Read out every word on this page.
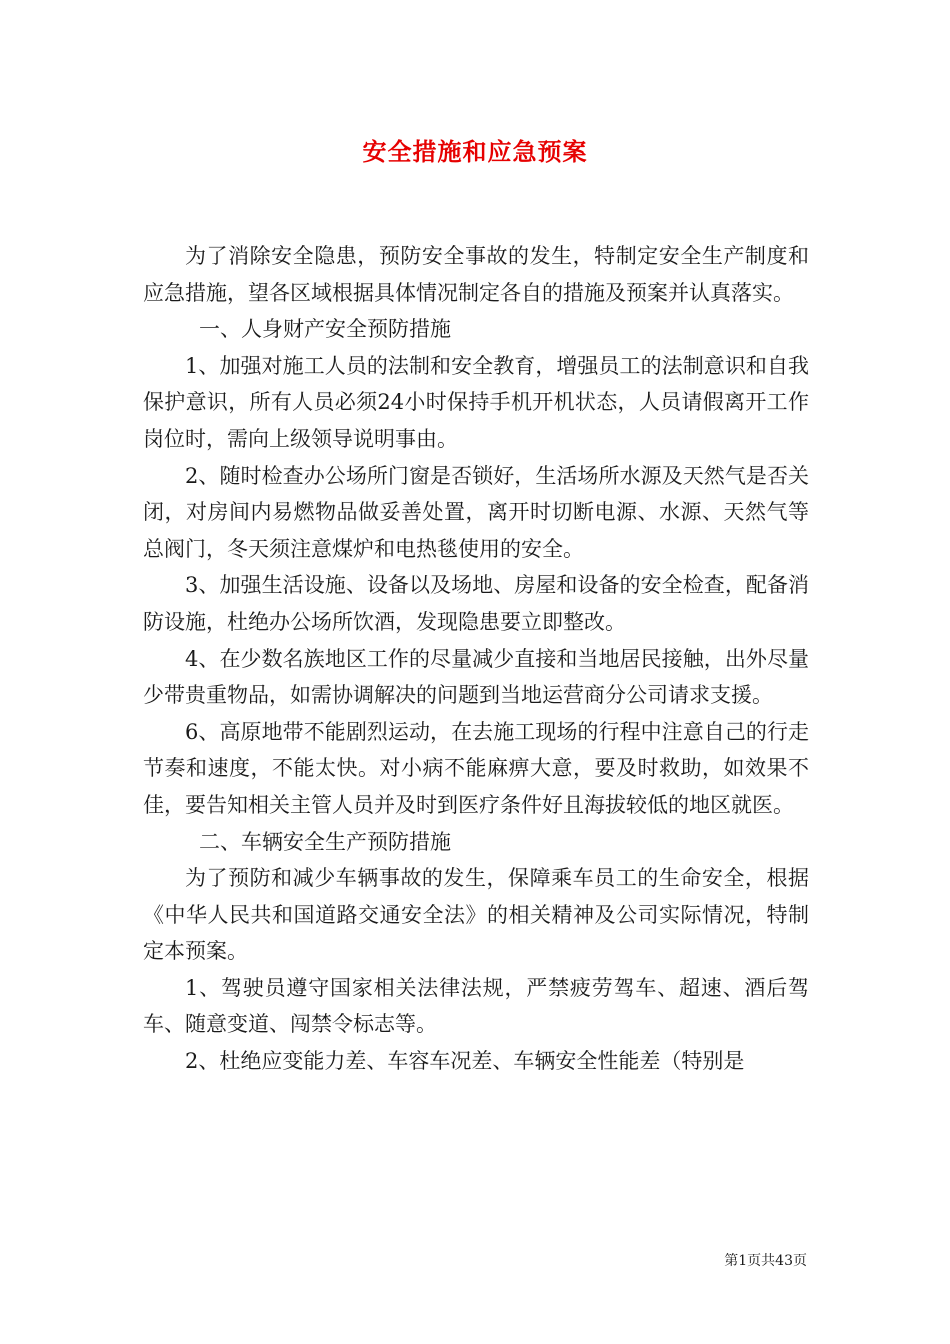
安全措施和应急预案

为了消除安全隐患，预防安全事故的发生，特制定安全生产制度和应急措施，望各区域根据具体情况制定各自的措施及预案并认真落实。

一、人身财产安全预防措施

1、加强对施工人员的法制和安全教育，增强员工的法制意识和自我保护意识，所有人员必须24小时保持手机开机状态，人员请假离开工作岗位时，需向上级领导说明事由。

2、随时检查办公场所门窗是否锁好，生活场所水源及天然气是否关闭，对房间内易燃物品做妥善处置，离开时切断电源、水源、天然气等总阀门，冬天须注意煤炉和电热毯使用的安全。

3、加强生活设施、设备以及场地、房屋和设备的安全检查，配备消防设施，杜绝办公场所饮酒，发现隐患要立即整改。

4、在少数名族地区工作的尽量减少直接和当地居民接触，出外尽量少带贵重物品，如需协调解决的问题到当地运营商分公司请求支援。

6、高原地带不能剧烈运动，在去施工现场的行程中注意自己的行走节奏和速度，不能太快。对小病不能麻痹大意，要及时救助，如效果不佳，要告知相关主管人员并及时到医疗条件好且海拔较低的地区就医。

二、车辆安全生产预防措施

为了预防和减少车辆事故的发生，保障乘车员工的生命安全，根据《中华人民共和国道路交通安全法》的相关精神及公司实际情况，特制定本预案。

1、驾驶员遵守国家相关法律法规，严禁疲劳驾车、超速、酒后驾车、随意变道、闯禁令标志等。

2、杜绝应变能力差、车容车况差、车辆安全性能差（特别是

第1页共43页
